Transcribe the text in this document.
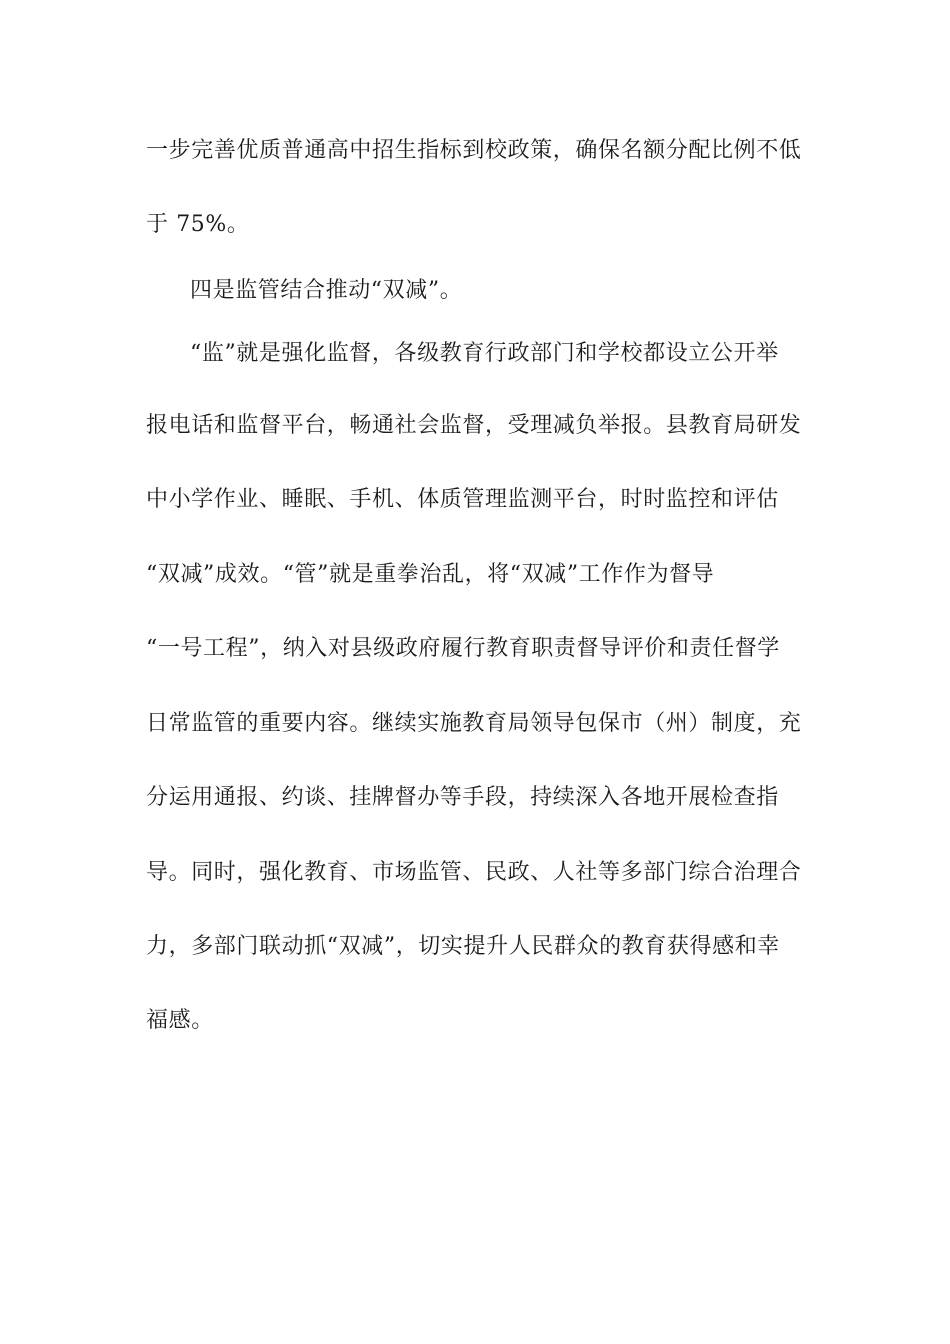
一步完善优质普通高中招生指标到校政策，确保名额分配比例不低
于 75%。
四是监管结合推动“双减”。
“监”就是强化监督，各级教育行政部门和学校都设立公开举
报电话和监督平台，畅通社会监督，受理减负举报。县教育局研发
中小学作业、睡眠、手机、体质管理监测平台，时时监控和评估
“双减”成效。“管”就是重拳治乱，将“双减”工作作为督导
“一号工程”，纳入对县级政府履行教育职责督导评价和责任督学
日常监管的重要内容。继续实施教育局领导包保市（州）制度，充
分运用通报、约谈、挂牌督办等手段，持续深入各地开展检查指
导。同时，强化教育、市场监管、民政、人社等多部门综合治理合
力，多部门联动抓“双减”，切实提升人民群众的教育获得感和幸
福感。
